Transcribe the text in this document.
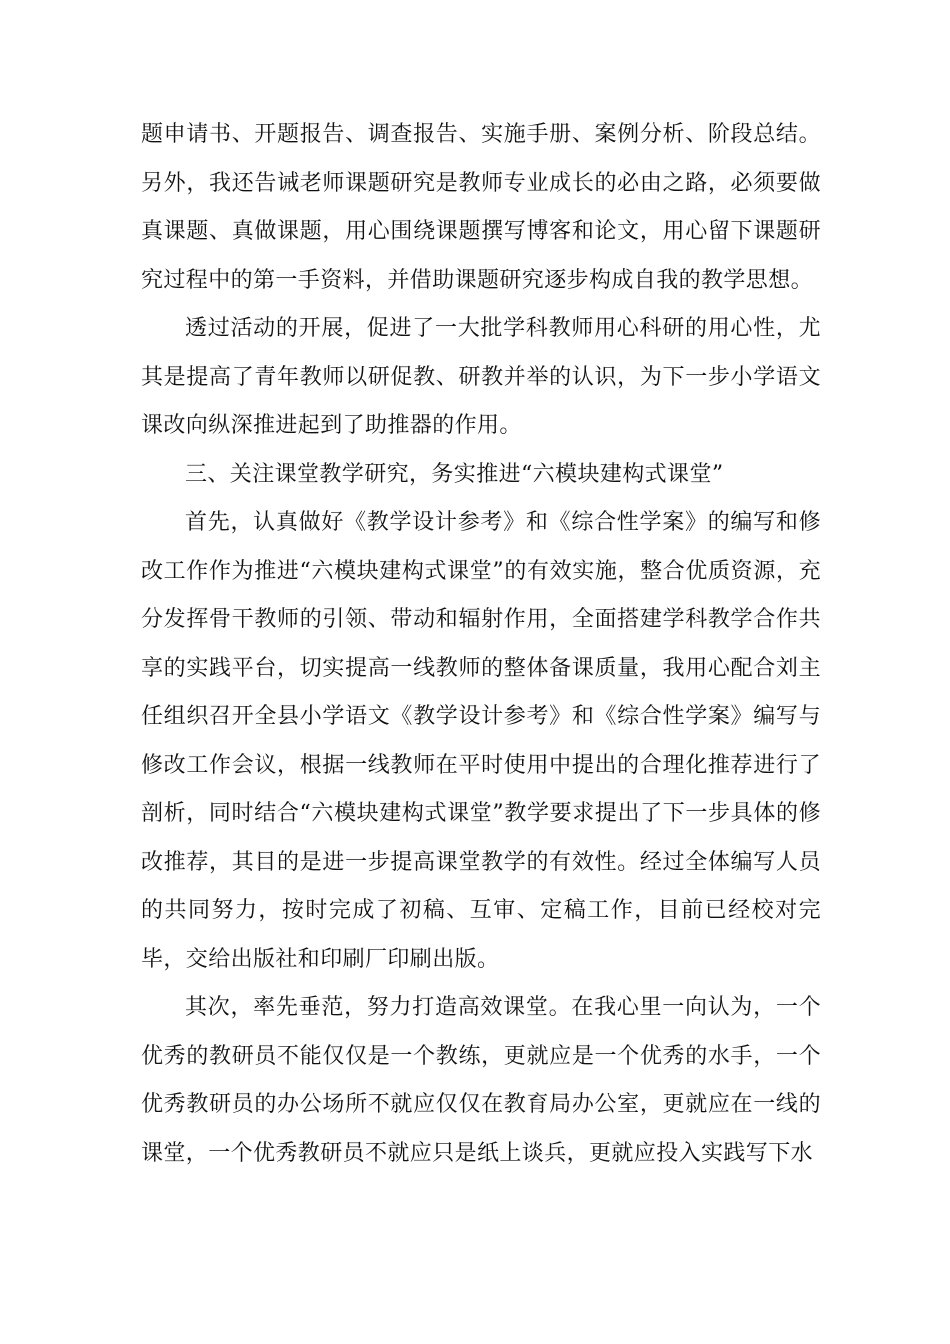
题申请书、开题报告、调查报告、实施手册、案例分析、阶段总结。另外，我还告诫老师课题研究是教师专业成长的必由之路，必须要做真课题、真做课题，用心围绕课题撰写博客和论文，用心留下课题研究过程中的第一手资料，并借助课题研究逐步构成自我的教学思想。

透过活动的开展，促进了一大批学科教师用心科研的用心性，尤其是提高了青年教师以研促教、研教并举的认识，为下一步小学语文课改向纵深推进起到了助推器的作用。

三、关注课堂教学研究，务实推进“六模块建构式课堂”

首先，认真做好《教学设计参考》和《综合性学案》的编写和修改工作作为推进“六模块建构式课堂”的有效实施，整合优质资源，充分发挥骨干教师的引领、带动和辐射作用，全面搭建学科教学合作共享的实践平台，切实提高一线教师的整体备课质量，我用心配合刘主任组织召开全县小学语文《教学设计参考》和《综合性学案》编写与修改工作会议，根据一线教师在平时使用中提出的合理化推荐进行了剖析，同时结合“六模块建构式课堂”教学要求提出了下一步具体的修改推荐，其目的是进一步提高课堂教学的有效性。经过全体编写人员的共同努力，按时完成了初稿、互审、定稿工作，目前已经校对完毕，交给出版社和印刷厂印刷出版。

其次，率先垂范，努力打造高效课堂。在我心里一向认为，一个优秀的教研员不能仅仅是一个教练，更就应是一个优秀的水手，一个优秀教研员的办公场所不就应仅仅在教育局办公室，更就应在一线的课堂，一个优秀教研员不就应只是纸上谈兵，更就应投入实践写下水
